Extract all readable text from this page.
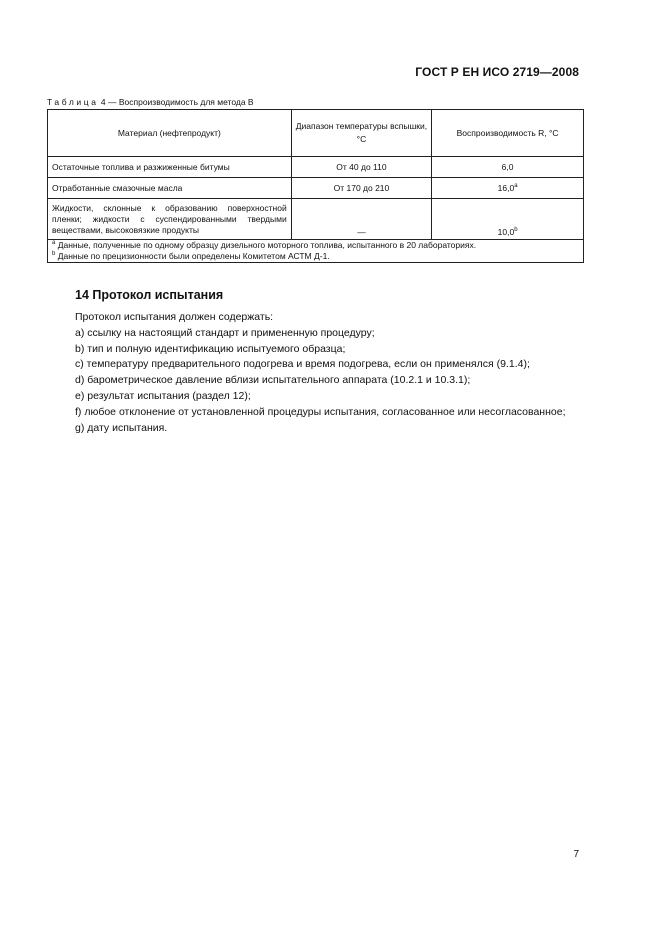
ГОСТ Р ЕН ИСО 2719—2008
Таблица 4 — Воспроизводимость для метода В
Материал (нефтепродукт)	Диапазон температуры вспышки, °С	Воспроизводимость R, °С
Остаточные топлива и разжиженные битумы	От 40 до 110	6,0
Отработанные смазочные масла	От 170 до 210	16,0$^a$
Жидкости, склонные к образованию поверхностной пленки; жидкости с суспендированными твердыми веществами, высоковязкие продукты	—	10,0$^b$

$^a$ Данные, полученные по одному образцу дизельного моторного топлива, испытанного в 20 лабораториях.
$^b$ Данные по прецизионности были определены Комитетом АСТМ Д-1.		
14 Протокол испытания

Протокол испытания должен содержать:

a) ссылку на настоящий стандарт и примененную процедуру;

b) тип и полную идентификацию испытуемого образца;

c) температуру предварительного подогрева и время подогрева, если он применялся (9.1.4);

d) барометрическое давление вблизи испытательного аппарата (10.2.1 и 10.3.1);

e) результат испытания (раздел 12);

f) любое отклонение от установленной процедуры испытания, согласованное или несогласованное;

g) дату испытания.

7
